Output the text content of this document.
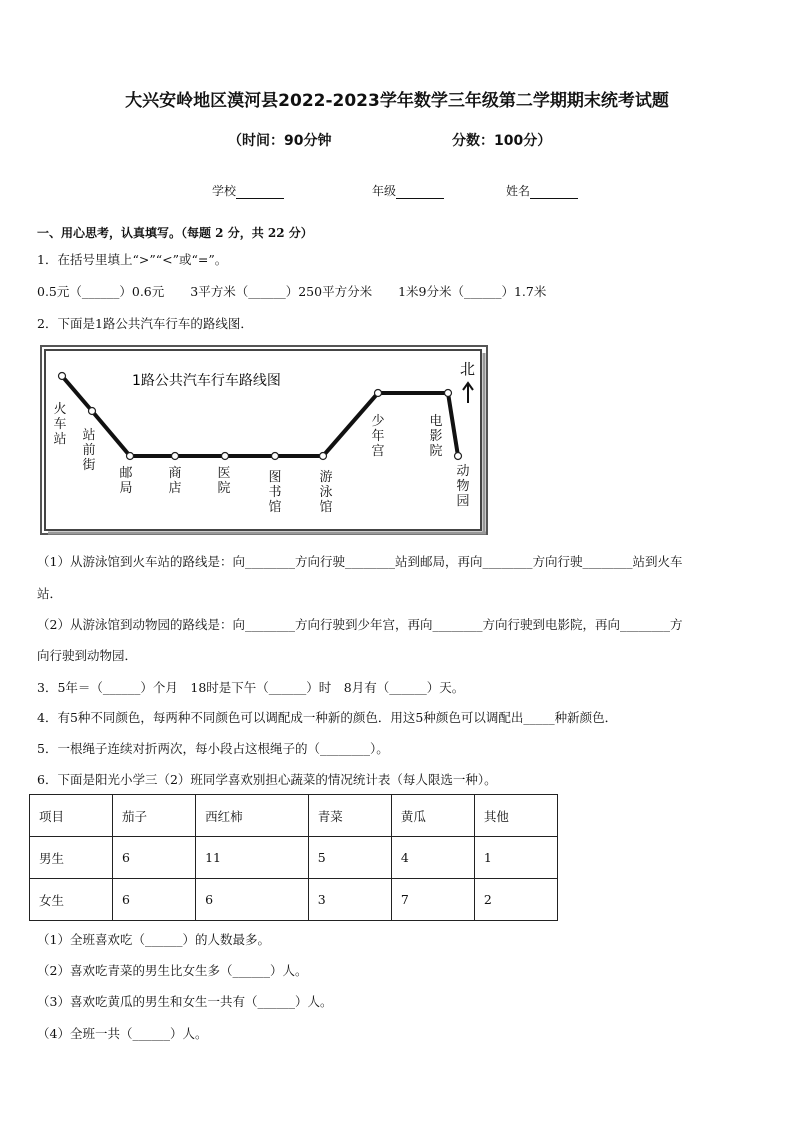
大兴安岭地区漠河县2022-2023学年数学三年级第二学期期末统考试题
（时间：90分钟	分数：100分）
学校	年级	姓名
一、用心思考，认真填写。（每题 2 分，共 22 分）
1．在括号里填上“>”“<”或“=”。
0.5元（______）0.6元 3平方米（______）250平方分米 1米9分米（______）1.7米
2．下面是1路公共汽车行车的路线图．
1路公共汽车行车路线图
北
火车站 站前街
邮局
商店
医院
图书馆
游泳馆
少年宫
电影院
动物园
（1）从游泳馆到火车站的路线是：向________方向行驶________站到邮局，再向________方向行驶________站到火车
站．
（2）从游泳馆到动物园的路线是：向________方向行驶到少年宫，再向________方向行驶到电影院，再向________方
向行驶到动物园．
3．5年＝（______）个月　18时是下午（______）时　8月有（______）天。
4．有5种不同颜色，每两种不同颜色可以调配成一种新的颜色．用这5种颜色可以调配出_____种新颜色．
5．一根绳子连续对折两次，每小段占这根绳子的（________）。
6．下面是阳光小学三（2）班同学喜欢别担心蔬菜的情况统计表（每人限选一种）。
项目	茄子	西红柿	青菜	黄瓜	其他
男生	6	11	5	4	1
女生	6	6	3	7	2
（1）全班喜欢吃（______）的人数最多。
（2）喜欢吃青菜的男生比女生多（______）人。
（3）喜欢吃黄瓜的男生和女生一共有（______）人。
（4）全班一共（______）人。
